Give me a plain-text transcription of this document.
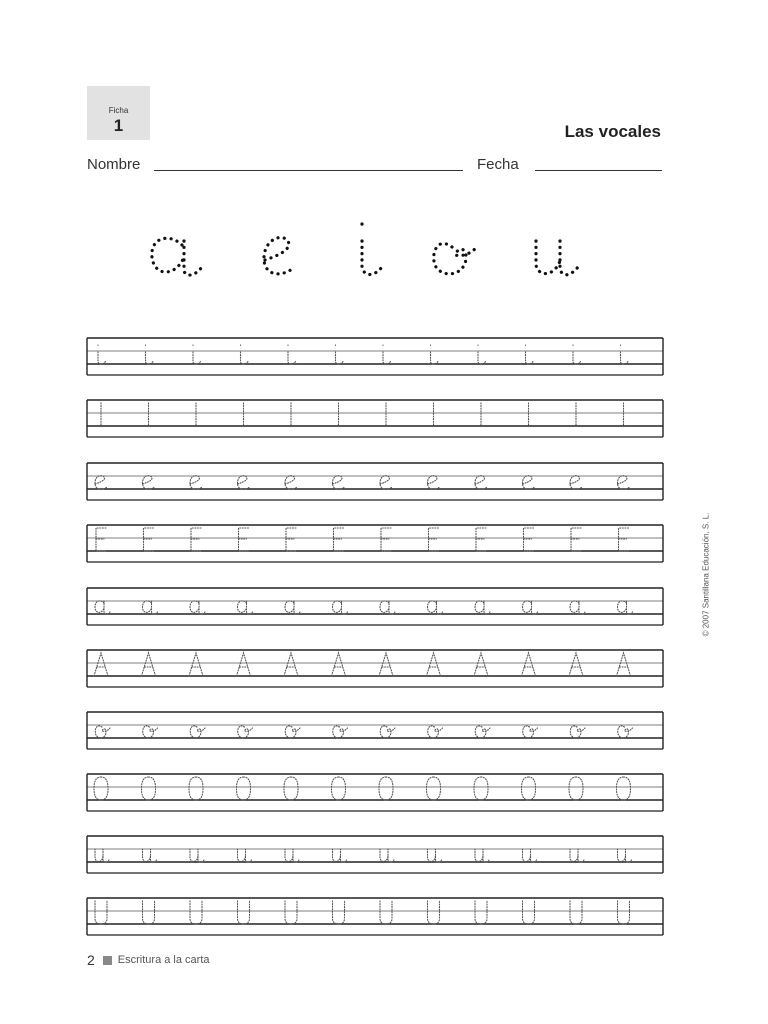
Ficha
1	Las vocales
Nombre	Fecha
© 2007 Santillana Educación, S. L.
2 Escritura a la carta
